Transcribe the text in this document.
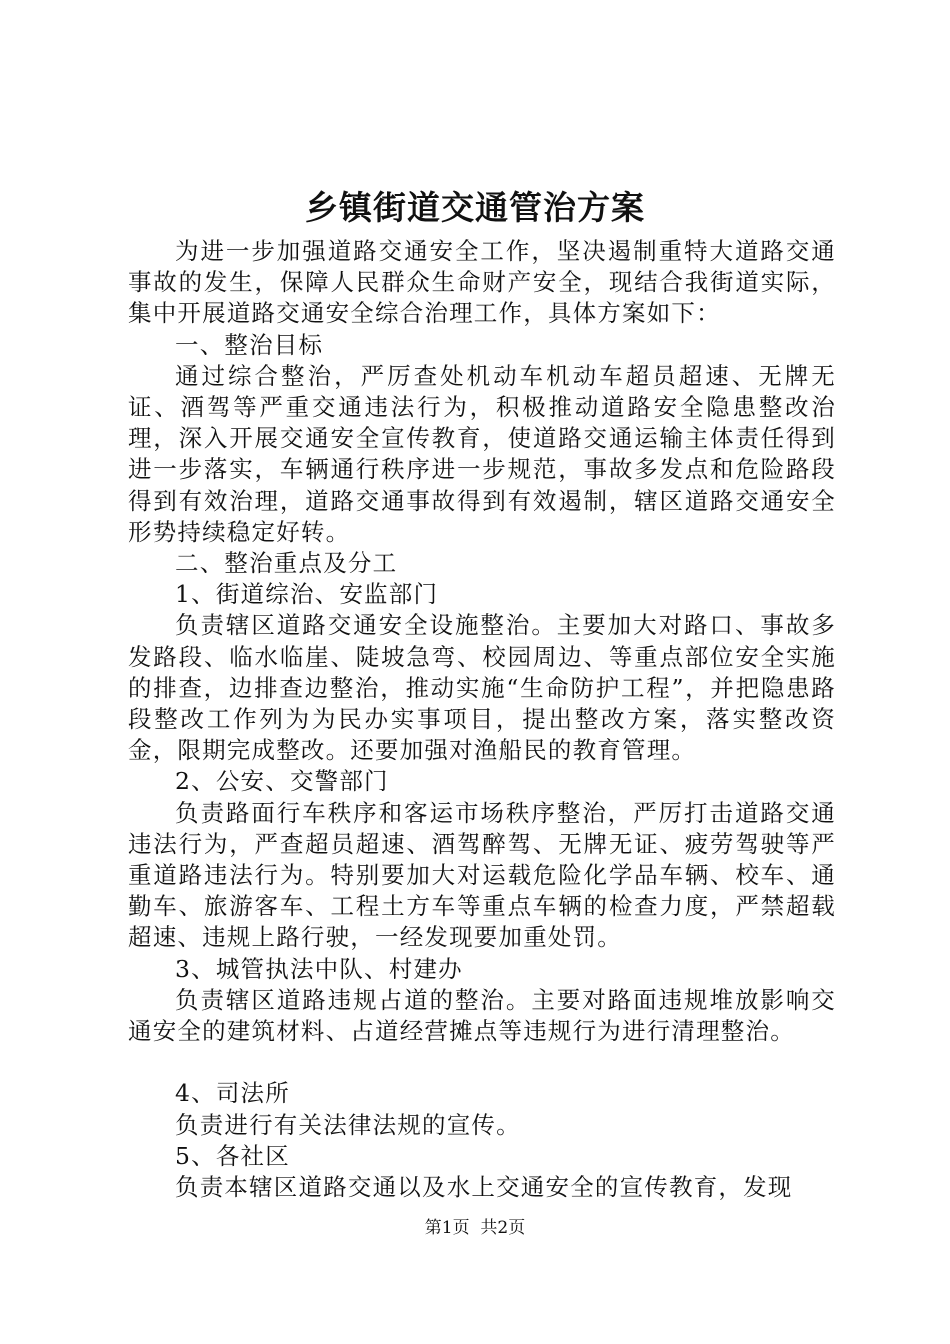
乡镇街道交通管治方案

为进一步加强道路交通安全工作，坚决遏制重特大道路交通事故的发生，保障人民群众生命财产安全，现结合我街道实际，集中开展道路交通安全综合治理工作，具体方案如下：

一、整治目标

通过综合整治，严厉查处机动车机动车超员超速、无牌无证、酒驾等严重交通违法行为，积极推动道路安全隐患整改治理，深入开展交通安全宣传教育，使道路交通运输主体责任得到进一步落实，车辆通行秩序进一步规范，事故多发点和危险路段得到有效治理，道路交通事故得到有效遏制，辖区道路交通安全形势持续稳定好转。

二、整治重点及分工

1、街道综治、安监部门

负责辖区道路交通安全设施整治。主要加大对路口、事故多发路段、临水临崖、陡坡急弯、校园周边、等重点部位安全实施的排查，边排查边整治，推动实施“生命防护工程”，并把隐患路段整改工作列为为民办实事项目，提出整改方案，落实整改资金，限期完成整改。还要加强对渔船民的教育管理。

2、公安、交警部门

负责路面行车秩序和客运市场秩序整治，严厉打击道路交通违法行为，严查超员超速、酒驾醉驾、无牌无证、疲劳驾驶等严重道路违法行为。特别要加大对运载危险化学品车辆、校车、通勤车、旅游客车、工程土方车等重点车辆的检查力度，严禁超载超速、违规上路行驶，一经发现要加重处罚。

3、城管执法中队、村建办

负责辖区道路违规占道的整治。主要对路面违规堆放影响交通安全的建筑材料、占道经营摊点等违规行为进行清理整治。

4、司法所

负责进行有关法律法规的宣传。

5、各社区

负责本辖区道路交通以及水上交通安全的宣传教育，发现

第1页  共2页
